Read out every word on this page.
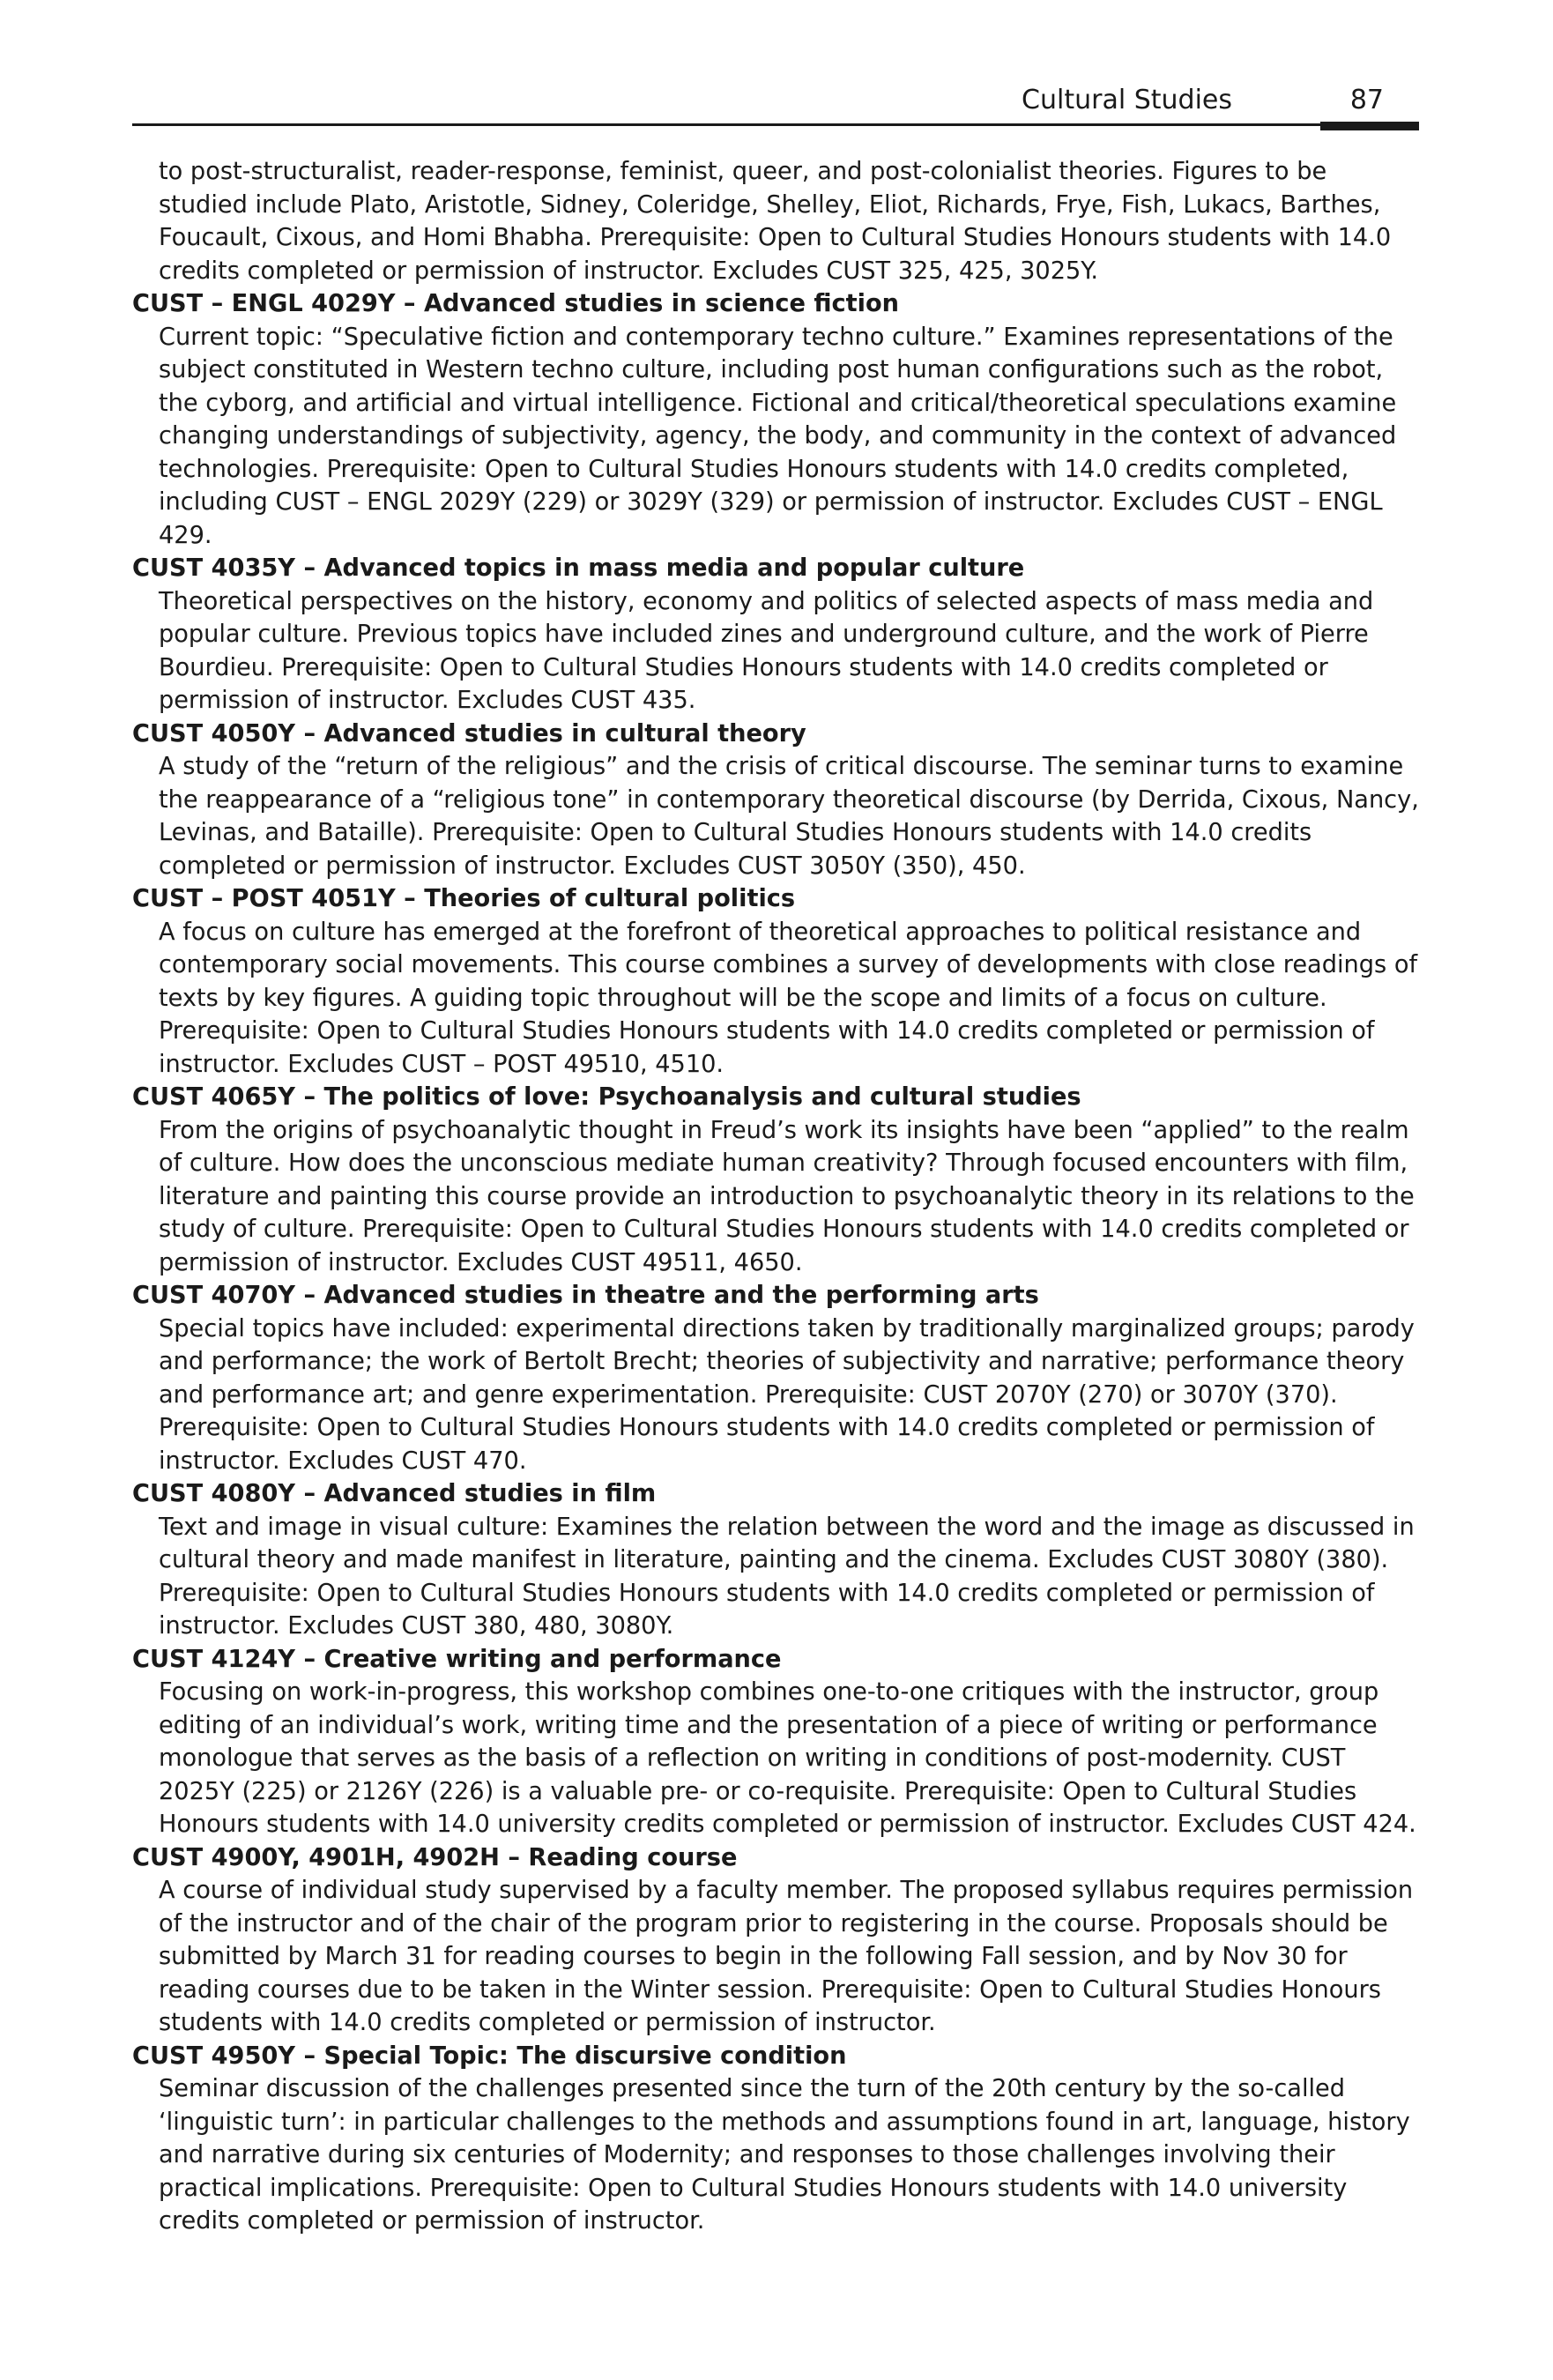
Cultural Studies	87

to post-structuralist, reader-response, feminist, queer, and post-colonialist theories. Figures to be studied include Plato, Aristotle, Sidney, Coleridge, Shelley, Eliot, Richards, Frye, Fish, Lukacs, Barthes, Foucault, Cixous, and Homi Bhabha. Prerequisite: Open to Cultural Studies Honours students with 14.0 credits completed or permission of instructor. Excludes CUST 325, 425, 3025Y.

CUST – ENGL 4029Y – Advanced studies in science fiction

Current topic: “Speculative fiction and contemporary techno culture.” Examines representations of the subject constituted in Western techno culture, including post human configurations such as the robot, the cyborg, and artificial and virtual intelligence. Fictional and critical/theoretical speculations examine changing understandings of subjectivity, agency, the body, and community in the context of advanced technologies. Prerequisite: Open to Cultural Studies Honours students with 14.0 credits completed, including CUST – ENGL 2029Y (229) or 3029Y (329) or permission of instructor. Excludes CUST – ENGL 429.

CUST 4035Y – Advanced topics in mass media and popular culture

Theoretical perspectives on the history, economy and politics of selected aspects of mass media and popular culture. Previous topics have included zines and underground culture, and the work of Pierre Bourdieu. Prerequisite: Open to Cultural Studies Honours students with 14.0 credits completed or permission of instructor. Excludes CUST 435.

CUST 4050Y – Advanced studies in cultural theory

A study of the “return of the religious” and the crisis of critical discourse. The seminar turns to examine the reappearance of a “religious tone” in contemporary theoretical discourse (by Derrida, Cixous, Nancy, Levinas, and Bataille). Prerequisite: Open to Cultural Studies Honours students with 14.0 credits completed or permission of instructor. Excludes CUST 3050Y (350), 450.

CUST – POST 4051Y – Theories of cultural politics

A focus on culture has emerged at the forefront of theoretical approaches to political resistance and contemporary social movements. This course combines a survey of developments with close readings of texts by key figures. A guiding topic throughout will be the scope and limits of a focus on culture. Prerequisite: Open to Cultural Studies Honours students with 14.0 credits completed or permission of instructor. Excludes CUST – POST 49510, 4510.

CUST 4065Y – The politics of love: Psychoanalysis and cultural studies

From the origins of psychoanalytic thought in Freud’s work its insights have been “applied” to the realm of culture. How does the unconscious mediate human creativity? Through focused encounters with film, literature and painting this course provide an introduction to psychoanalytic theory in its relations to the study of culture. Prerequisite: Open to Cultural Studies Honours students with 14.0 credits completed or permission of instructor. Excludes CUST 49511, 4650.

CUST 4070Y – Advanced studies in theatre and the performing arts

Special topics have included: experimental directions taken by traditionally marginalized groups; parody and performance; the work of Bertolt Brecht; theories of subjectivity and narrative; performance theory and performance art; and genre experimentation. Prerequisite: CUST 2070Y (270) or 3070Y (370). Prerequisite: Open to Cultural Studies Honours students with 14.0 credits completed or permission of instructor. Excludes CUST 470.

CUST 4080Y – Advanced studies in film

Text and image in visual culture: Examines the relation between the word and the image as discussed in cultural theory and made manifest in literature, painting and the cinema. Excludes CUST 3080Y (380). Prerequisite: Open to Cultural Studies Honours students with 14.0 credits completed or permission of instructor. Excludes CUST 380, 480, 3080Y.

CUST 4124Y – Creative writing and performance

Focusing on work-in-progress, this workshop combines one-to-one critiques with the instructor, group editing of an individual’s work, writing time and the presentation of a piece of writing or performance monologue that serves as the basis of a reflection on writing in conditions of post-modernity. CUST 2025Y (225) or 2126Y (226) is a valuable pre- or co-requisite. Prerequisite: Open to Cultural Studies Honours students with 14.0 university credits completed or permission of instructor. Excludes CUST 424.

CUST 4900Y, 4901H, 4902H – Reading course

A course of individual study supervised by a faculty member. The proposed syllabus requires permission of the instructor and of the chair of the program prior to registering in the course. Proposals should be submitted by March 31 for reading courses to begin in the following Fall session, and by Nov 30 for reading courses due to be taken in the Winter session. Prerequisite: Open to Cultural Studies Honours students with 14.0 credits completed or permission of instructor.

CUST 4950Y – Special Topic: The discursive condition

Seminar discussion of the challenges presented since the turn of the 20th century by the so-called ‘linguistic turn’: in particular challenges to the methods and assumptions found in art, language, history and narrative during six centuries of Modernity; and responses to those challenges involving their practical implications. Prerequisite: Open to Cultural Studies Honours students with 14.0 university credits completed or permission of instructor.
